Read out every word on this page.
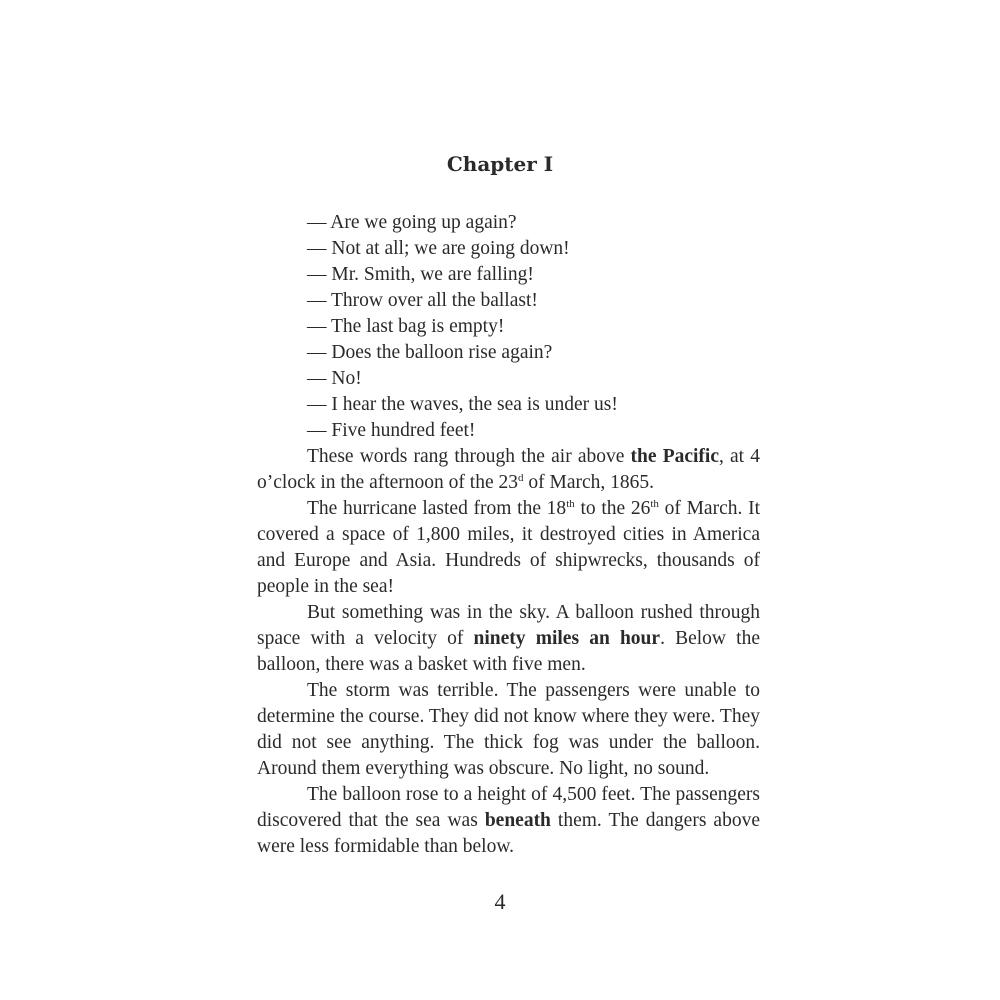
Chapter I

— Are we going up again?

— Not at all; we are going down!

— Mr. Smith, we are falling!

— Throw over all the ballast!

— The last bag is empty!

— Does the balloon rise again?

— No!

— I hear the waves, the sea is under us!

— Five hundred feet!

These words rang through the air above the Pacific, at 4 o’clock in the afternoon of the 23$^d$ of March, 1865.

The hurricane lasted from the 18th to the 26th of March. It covered a space of 1,800 miles, it destroyed cities in America and Europe and Asia. Hundreds of shipwrecks, thousands of people in the sea!

But something was in the sky. A balloon rushed through space with a velocity of ninety miles an hour. Below the balloon, there was a basket with five men.

The storm was terrible. The passengers were unable to determine the course. They did not know where they were. They did not see anything. The thick fog was under the balloon. Around them everything was obscure. No light, no sound.

The balloon rose to a height of 4,500 feet. The passengers discovered that the sea was beneath them. The dangers above were less formidable than below.

4
